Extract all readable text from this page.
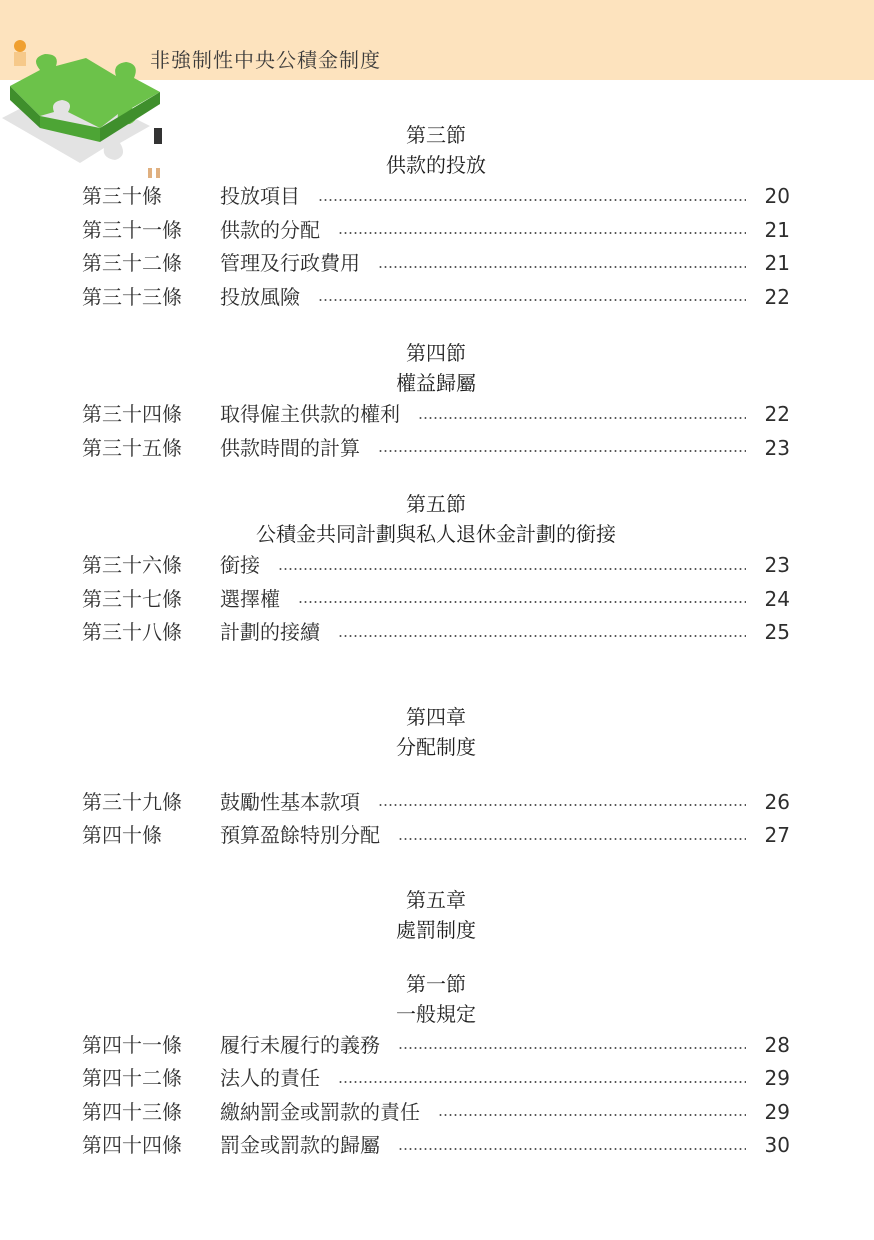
非強制性中央公積金制度
第三節
供款的投放
第三十條	投放項目	20
第三十一條	供款的分配	21
第三十二條	管理及行政費用	21
第三十三條	投放風險	22
第四節
權益歸屬
第三十四條	取得僱主供款的權利	22
第三十五條	供款時間的計算	23
第五節
公積金共同計劃與私人退休金計劃的銜接
第三十六條	銜接	23
第三十七條	選擇權	24
第三十八條	計劃的接續	25
第四章
分配制度
第三十九條	鼓勵性基本款項	26
第四十條	預算盈餘特別分配	27
第五章
處罰制度
第一節
一般規定
第四十一條	履行未履行的義務	28
第四十二條	法人的責任	29
第四十三條	繳納罰金或罰款的責任	29
第四十四條	罰金或罰款的歸屬	30
